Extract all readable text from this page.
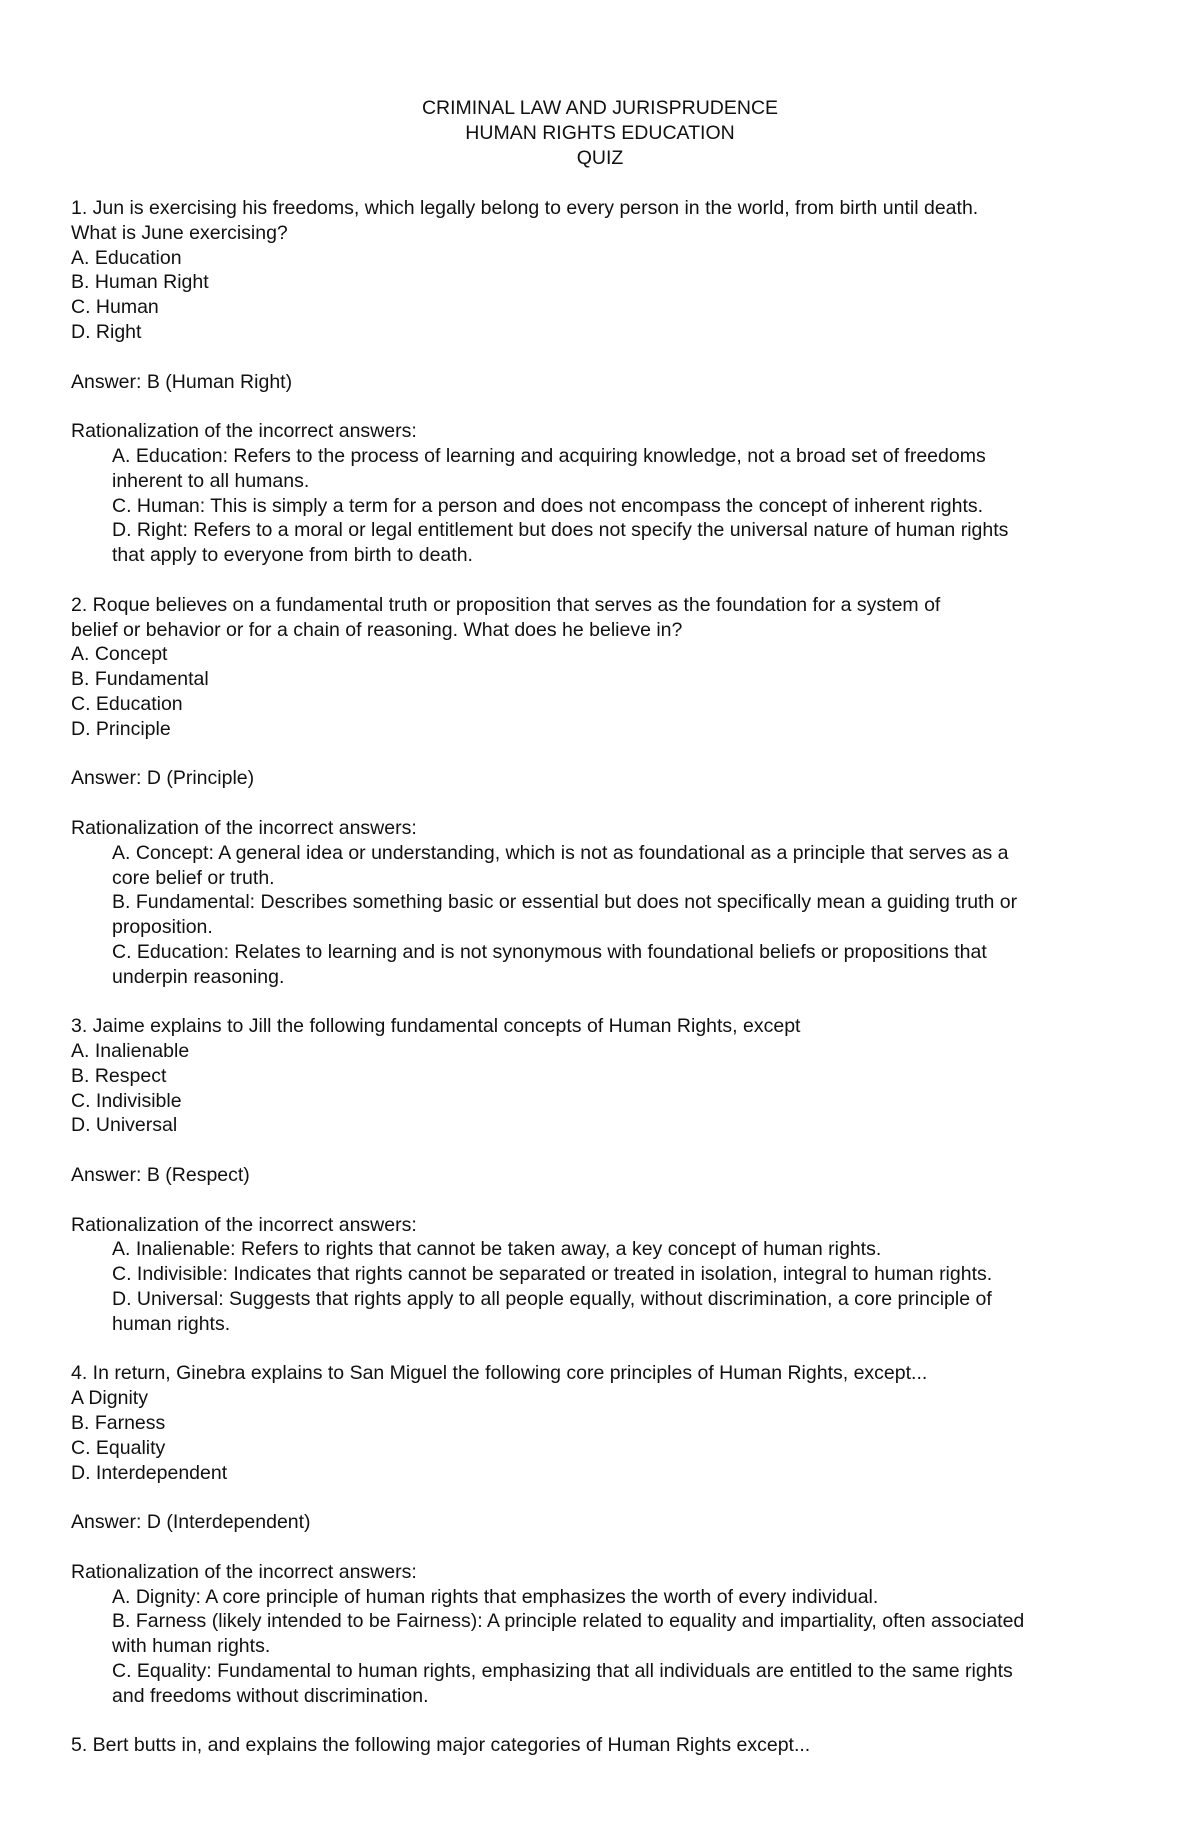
CRIMINAL LAW AND JURISPRUDENCE
HUMAN RIGHTS EDUCATION
QUIZ
1. Jun is exercising his freedoms, which legally belong to every person in the world, from birth until death.
What is June exercising?
A. Education
B. Human Right
C. Human
D. Right
Answer: B (Human Right)
Rationalization of the incorrect answers:
A. Education: Refers to the process of learning and acquiring knowledge, not a broad set of freedoms
inherent to all humans.
C. Human: This is simply a term for a person and does not encompass the concept of inherent rights.
D. Right: Refers to a moral or legal entitlement but does not specify the universal nature of human rights
that apply to everyone from birth to death.
2. Roque believes on a fundamental truth or proposition that serves as the foundation for a system of
belief or behavior or for a chain of reasoning. What does he believe in?
A. Concept
B. Fundamental
C. Education
D. Principle
Answer: D (Principle)
Rationalization of the incorrect answers:
A. Concept: A general idea or understanding, which is not as foundational as a principle that serves as a
core belief or truth.
B. Fundamental: Describes something basic or essential but does not specifically mean a guiding truth or
proposition.
C. Education: Relates to learning and is not synonymous with foundational beliefs or propositions that
underpin reasoning.
3. Jaime explains to Jill the following fundamental concepts of Human Rights, except
A. Inalienable
B. Respect
C. Indivisible
D. Universal
Answer: B (Respect)
Rationalization of the incorrect answers:
A. Inalienable: Refers to rights that cannot be taken away, a key concept of human rights.
C. Indivisible: Indicates that rights cannot be separated or treated in isolation, integral to human rights.
D. Universal: Suggests that rights apply to all people equally, without discrimination, a core principle of
human rights.
4. In return, Ginebra explains to San Miguel the following core principles of Human Rights, except...
A Dignity
B. Farness
C. Equality
D. Interdependent
Answer: D (Interdependent)
Rationalization of the incorrect answers:
A. Dignity: A core principle of human rights that emphasizes the worth of every individual.
B. Farness (likely intended to be Fairness): A principle related to equality and impartiality, often associated
with human rights.
C. Equality: Fundamental to human rights, emphasizing that all individuals are entitled to the same rights
and freedoms without discrimination.
5. Bert butts in, and explains the following major categories of Human Rights except...
